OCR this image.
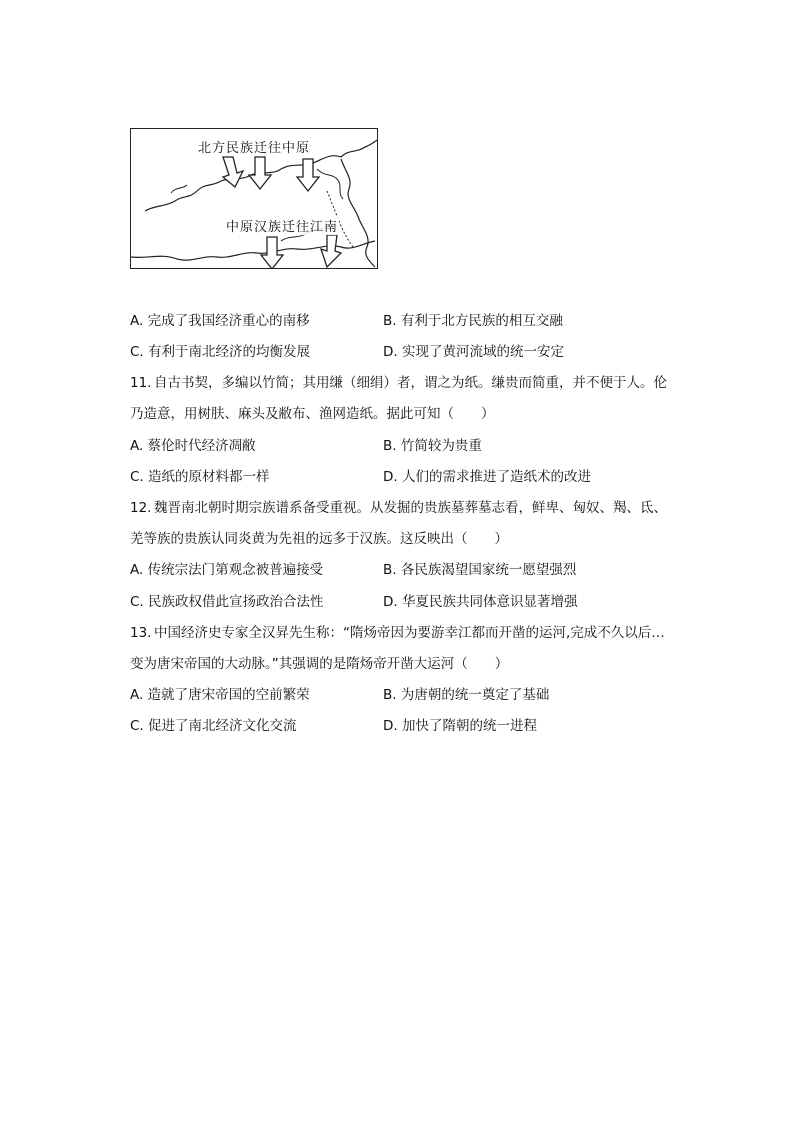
北方民族迁往中原
中原汉族迁往江南
A. 完成了我国经济重心的南移	B. 有利于北方民族的相互交融
C. 有利于南北经济的均衡发展	D. 实现了黄河流域的统一安定
11. 自古书契，多编以竹简；其用缣（细绢）者，谓之为纸。缣贵而简重，并不便于人。伦
乃造意，用树肤、麻头及敝布、渔网造纸。据此可知（　　）
A. 蔡伦时代经济凋敝	B. 竹简较为贵重
C. 造纸的原材料都一样	D. 人们的需求推进了造纸术的改进
12. 魏晋南北朝时期宗族谱系备受重视。从发掘的贵族墓葬墓志看，鲜卑、匈奴、羯、氐、
羌等族的贵族认同炎黄为先祖的远多于汉族。这反映出（　　）
A. 传统宗法门第观念被普遍接受	B. 各民族渴望国家统一愿望强烈
C. 民族政权借此宣扬政治合法性	D. 华夏民族共同体意识显著增强
13. 中国经济史专家全汉昇先生称：“隋炀帝因为要游幸江都而开凿的运河,完成不久以后…
变为唐宋帝国的大动脉。”其强调的是隋炀帝开凿大运河（　　）
A. 造就了唐宋帝国的空前繁荣	B. 为唐朝的统一奠定了基础
C. 促进了南北经济文化交流	D. 加快了隋朝的统一进程
